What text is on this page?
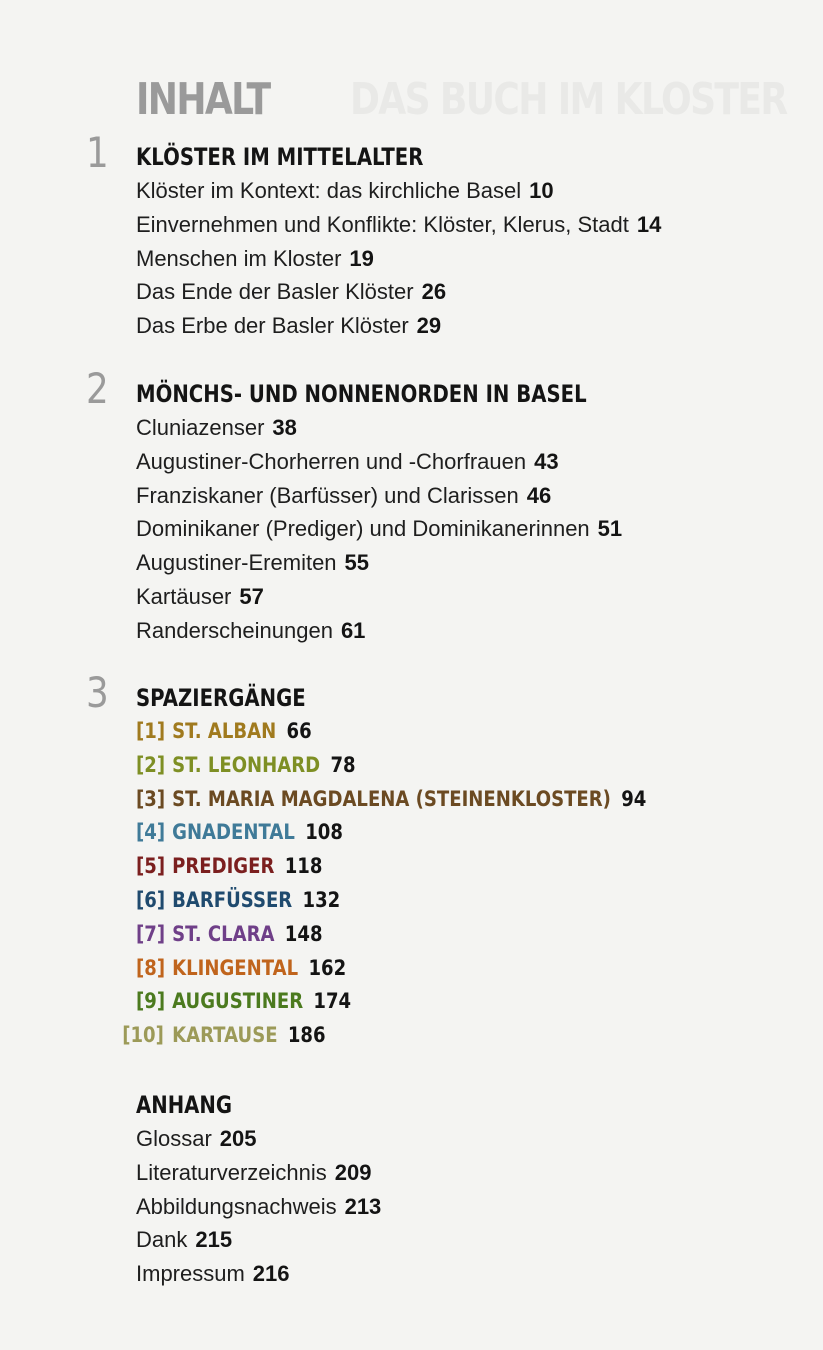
DAS BUCH IM KLOSTER
INHALT
1 KLÖSTER IM MITTELALTER
Klöster im Kontext: das kirchliche Basel 10
Einvernehmen und Konflikte: Klöster, Klerus, Stadt 14
Menschen im Kloster 19
Das Ende der Basler Klöster 26
Das Erbe der Basler Klöster 29
2 MÖNCHS- UND NONNENORDEN IN BASEL
Cluniazenser 38
Augustiner-Chorherren und -Chorfrauen 43
Franziskaner (Barfüsser) und Clarissen 46
Dominikaner (Prediger) und Dominikanerinnen 51
Augustiner-Eremiten 55
Kartäuser 57
Randerscheinungen 61
3 SPAZIERGÄNGE
[1] ST. ALBAN 66
[2] ST. LEONHARD 78
[3] ST. MARIA MAGDALENA (STEINENKLOSTER) 94
[4] GNADENTAL 108
[5] PREDIGER 118
[6] BARFÜSSER 132
[7] ST. CLARA 148
[8] KLINGENTAL 162
[9] AUGUSTINER 174
[10] KARTAUSE 186
ANHANG
Glossar 205
Literaturverzeichnis 209
Abbildungsnachweis 213
Dank 215
Impressum 216
